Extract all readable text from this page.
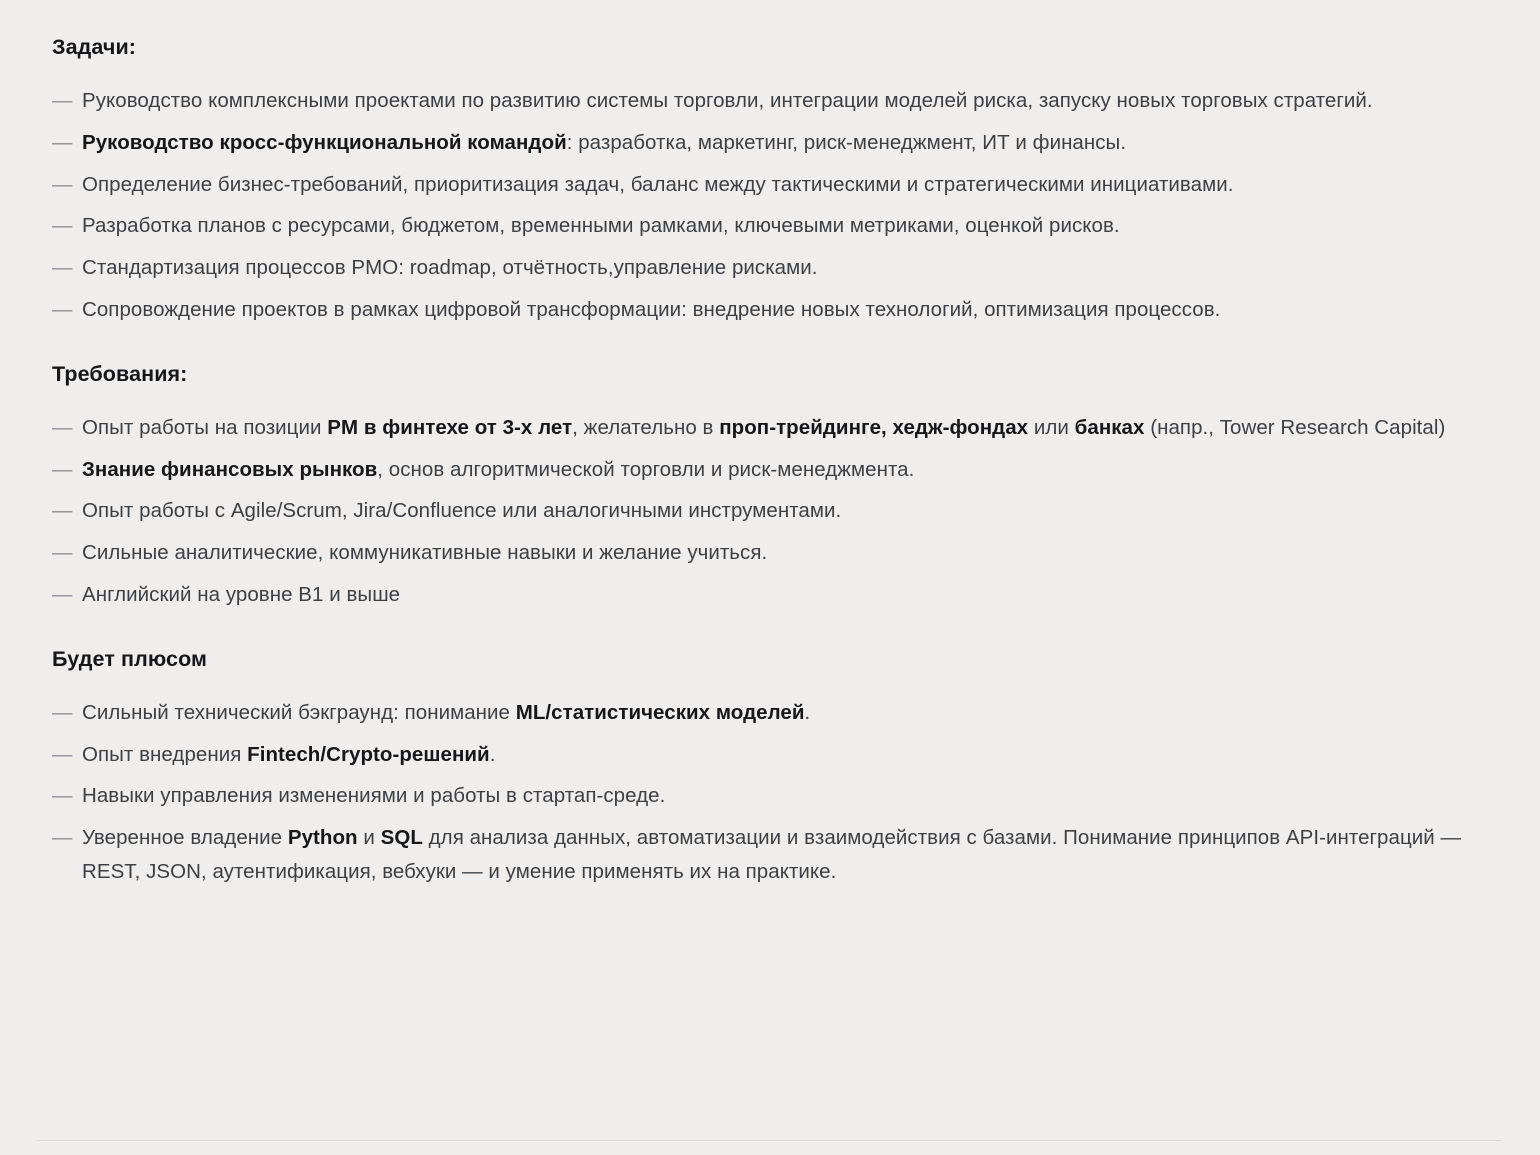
Задачи:
— Руководство комплексными проектами по развитию системы торговли, интеграции моделей риска, запуску новых торговых стратегий.
— Руководство кросс-функциональной командой: разработка, маркетинг, риск-менеджмент, ИТ и финансы.
— Определение бизнес-требований, приоритизация задач, баланс между тактическими и стратегическими инициативами.
— Разработка планов с ресурсами, бюджетом, временными рамками, ключевыми метриками, оценкой рисков.
— Стандартизация процессов PMO: roadmap, отчётность,управление рисками.
— Сопровождение проектов в рамках цифровой трансформации: внедрение новых технологий, оптимизация процессов.
Требования:
— Опыт работы на позиции PM в финтехе от 3-х лет, желательно в проп-трейдинге, хедж-фондах или банках (напр., Tower Research Capital)
— Знание финансовых рынков, основ алгоритмической торговли и риск-менеджмента.
— Опыт работы с Agile/Scrum, Jira/Confluence или аналогичными инструментами.
— Сильные аналитические, коммуникативные навыки и желание учиться.
— Английский на уровне B1 и выше
Будет плюсом
— Сильный технический бэкграунд: понимание ML/статистических моделей.
— Опыт внедрения Fintech/Crypto-решений.
— Навыки управления изменениями и работы в стартап-среде.
— Уверенное владение Python и SQL для анализа данных, автоматизации и взаимодействия с базами. Понимание принципов API-интеграций — REST, JSON, аутентификация, вебхуки — и умение применять их на практике.
